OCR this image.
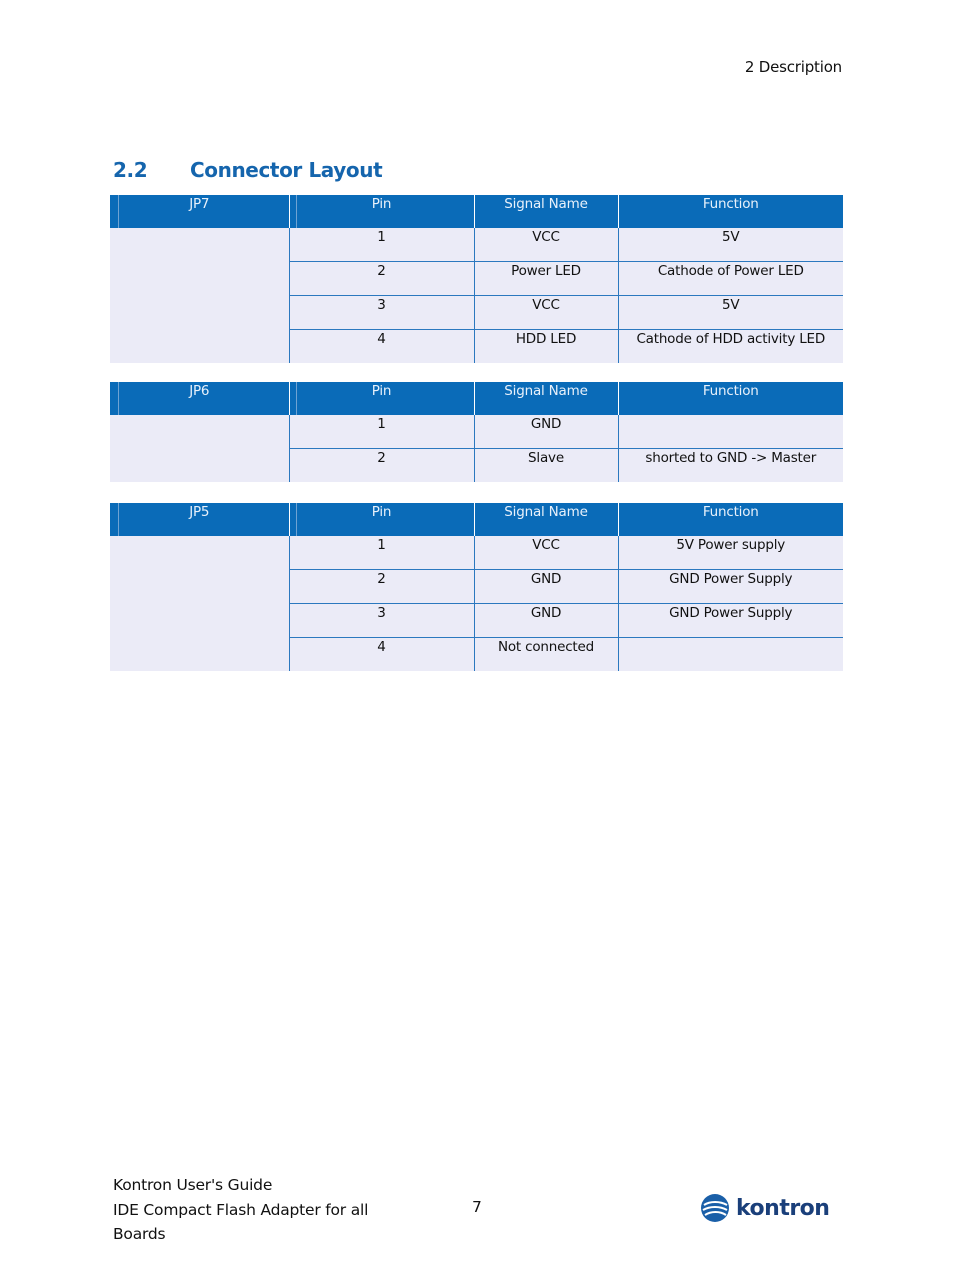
2 Description
2.2	Connector Layout
JP7	Pin	Signal Name	Function
	1	VCC	5V
	2	Power LED	Cathode of Power LED
	3	VCC	5V
	4	HDD LED	Cathode of HDD activity LED
JP6	Pin	Signal Name	Function
	1	GND	
	2	Slave	shorted to GND -> Master
JP5	Pin	Signal Name	Function
	1	VCC	5V Power supply
	2	GND	GND Power Supply
	3	GND	GND Power Supply
	4	Not connected	
Kontron User's Guide
IDE Compact Flash Adapter for all
Boards
7	kontron
